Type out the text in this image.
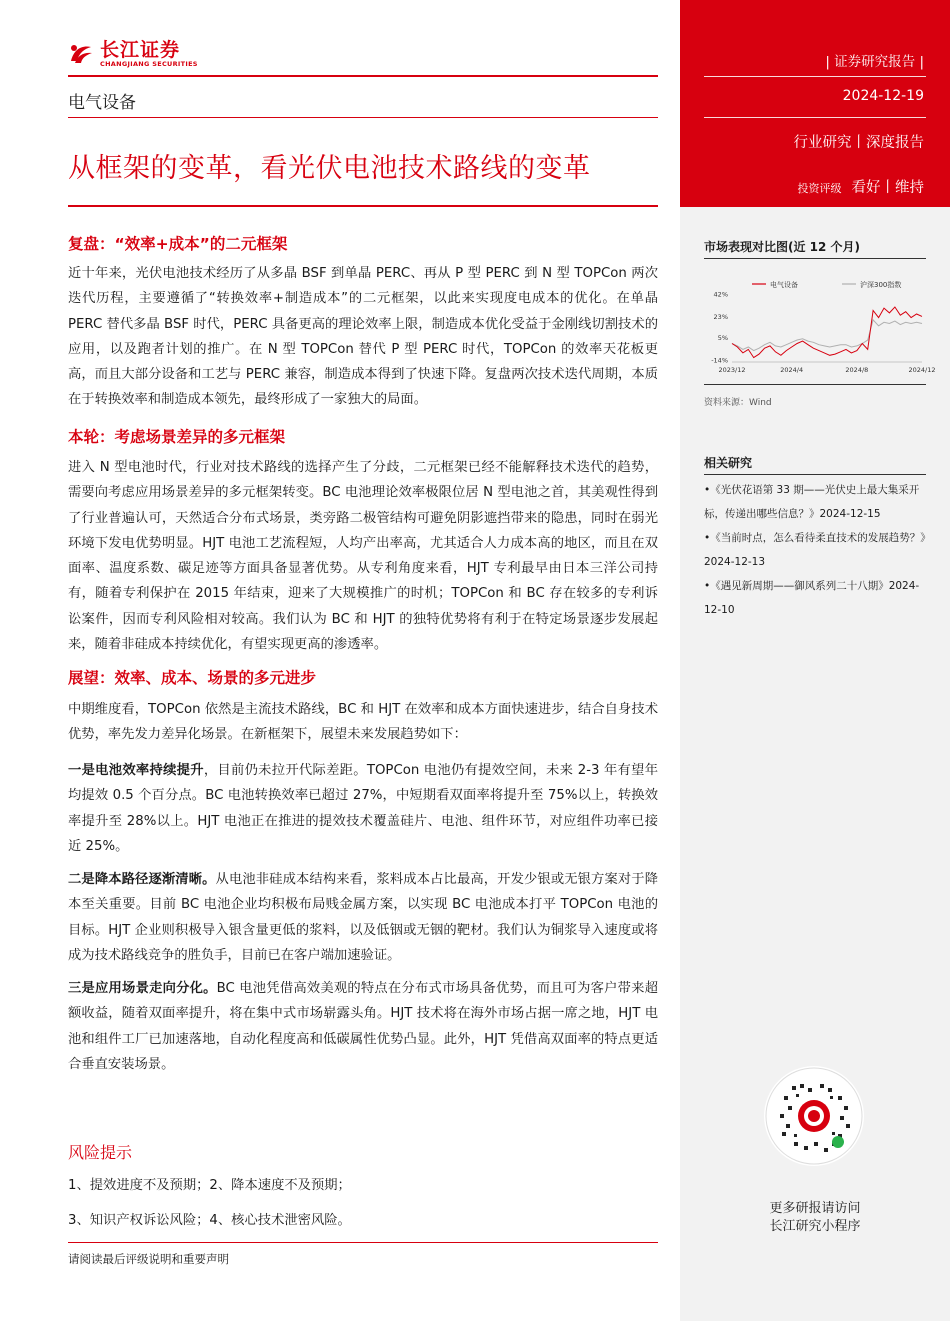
长江证券
CHANGJIANG SECURITIES
电气设备
从框架的变革，看光伏电池技术路线的变革
复盘：“效率+成本”的二元框架
近十年来，光伏电池技术经历了从多晶 BSF 到单晶 PERC、再从 P 型 PERC 到 N 型 TOPCon 两次迭代历程，主要遵循了“转换效率+制造成本”的二元框架，以此来实现度电成本的优化。在单晶 PERC 替代多晶 BSF 时代，PERC 具备更高的理论效率上限，制造成本优化受益于金刚线切割技术的应用，以及跑者计划的推广。在 N 型 TOPCon 替代 P 型 PERC 时代，TOPCon 的效率天花板更高，而且大部分设备和工艺与 PERC 兼容，制造成本得到了快速下降。复盘两次技术迭代周期，本质在于转换效率和制造成本领先，最终形成了一家独大的局面。
本轮：考虑场景差异的多元框架
进入 N 型电池时代，行业对技术路线的选择产生了分歧，二元框架已经不能解释技术迭代的趋势，需要向考虑应用场景差异的多元框架转变。BC 电池理论效率极限位居 N 型电池之首，其美观性得到了行业普遍认可，天然适合分布式场景，类旁路二极管结构可避免阴影遮挡带来的隐患，同时在弱光环境下发电优势明显。HJT 电池工艺流程短，人均产出率高，尤其适合人力成本高的地区，而且在双面率、温度系数、碳足迹等方面具备显著优势。从专利角度来看，HJT 专利最早由日本三洋公司持有，随着专利保护在 2015 年结束，迎来了大规模推广的时机；TOPCon 和 BC 存在较多的专利诉讼案件，因而专利风险相对较高。我们认为 BC 和 HJT 的独特优势将有利于在特定场景逐步发展起来，随着非硅成本持续优化，有望实现更高的渗透率。
展望：效率、成本、场景的多元进步
中期维度看，TOPCon 依然是主流技术路线，BC 和 HJT 在效率和成本方面快速进步，结合自身技术优势，率先发力差异化场景。在新框架下，展望未来发展趋势如下：
一是电池效率持续提升，目前仍未拉开代际差距。TOPCon 电池仍有提效空间，未来 2-3 年有望年均提效 0.5 个百分点。BC 电池转换效率已超过 27%，中短期看双面率将提升至 75%以上，转换效率提升至 28%以上。HJT 电池正在推进的提效技术覆盖硅片、电池、组件环节，对应组件功率已接近 25%。
二是降本路径逐渐清晰。从电池非硅成本结构来看，浆料成本占比最高，开发少银或无银方案对于降本至关重要。目前 BC 电池企业均积极布局贱金属方案，以实现 BC 电池成本打平 TOPCon 电池的目标。HJT 企业则积极导入银含量更低的浆料，以及低铟或无铟的靶材。我们认为铜浆导入速度或将成为技术路线竞争的胜负手，目前已在客户端加速验证。
三是应用场景走向分化。BC 电池凭借高效美观的特点在分布式市场具备优势，而且可为客户带来超额收益，随着双面率提升，将在集中式市场崭露头角。HJT 技术将在海外市场占据一席之地，HJT 电池和组件工厂已加速落地，自动化程度高和低碳属性优势凸显。此外，HJT 凭借高双面率的特点更适合垂直安装场景。
风险提示
1、提效进度不及预期；2、降本速度不及预期；
3、知识产权诉讼风险；4、核心技术泄密风险。
请阅读最后评级说明和重要声明
| 证券研究报告 |
2024-12-19
行业研究丨深度报告
投资评级 看好丨维持
市场表现对比图(近 12 个月)
电气设备	沪深300指数
42%
23%
5%
-14%
2023/12	2024/4	2024/8	2024/12
资料来源：Wind
相关研究
•《光伏花语第 33 期——光伏史上最大集采开标，传递出哪些信息？》2024-12-15
•《当前时点，怎么看待柔直技术的发展趋势？》2024-12-13
•《遇见新周期——御风系列二十八期》2024-12-10
更多研报请访问
长江研究小程序
